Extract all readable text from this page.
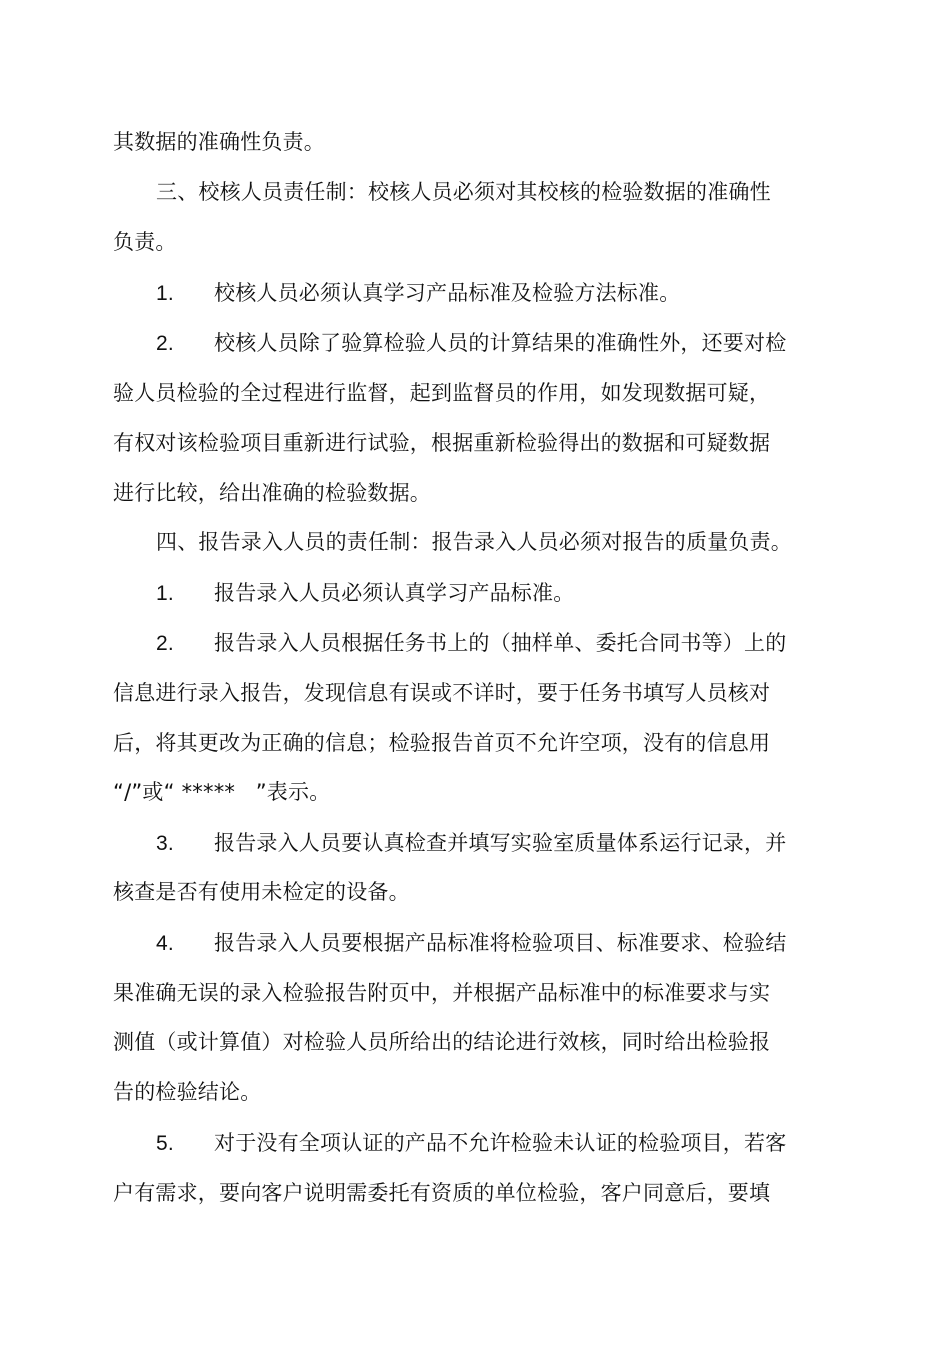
其数据的准确性负责。
三、校核人员责任制：校核人员必须对其校核的检验数据的准确性
负责。
1. 校核人员必须认真学习产品标准及检验方法标准。
2. 校核人员除了验算检验人员的计算结果的准确性外，还要对检
验人员检验的全过程进行监督，起到监督员的作用，如发现数据可疑，
有权对该检验项目重新进行试验，根据重新检验得出的数据和可疑数据
进行比较，给出准确的检验数据。
四、报告录入人员的责任制：报告录入人员必须对报告的质量负责。
1. 报告录入人员必须认真学习产品标准。
2. 报告录入人员根据任务书上的（抽样单、委托合同书等）上的
信息进行录入报告，发现信息有误或不详时，要于任务书填写人员核对
后，将其更改为正确的信息；检验报告首页不允许空项，没有的信息用
“/”或“ *****   ”表示。
3. 报告录入人员要认真检查并填写实验室质量体系运行记录，并
核查是否有使用未检定的设备。
4. 报告录入人员要根据产品标准将检验项目、标准要求、检验结
果准确无误的录入检验报告附页中，并根据产品标准中的标准要求与实
测值（或计算值）对检验人员所给出的结论进行效核，同时给出检验报
告的检验结论。
5. 对于没有全项认证的产品不允许检验未认证的检验项目，若客
户有需求，要向客户说明需委托有资质的单位检验，客户同意后，要填
